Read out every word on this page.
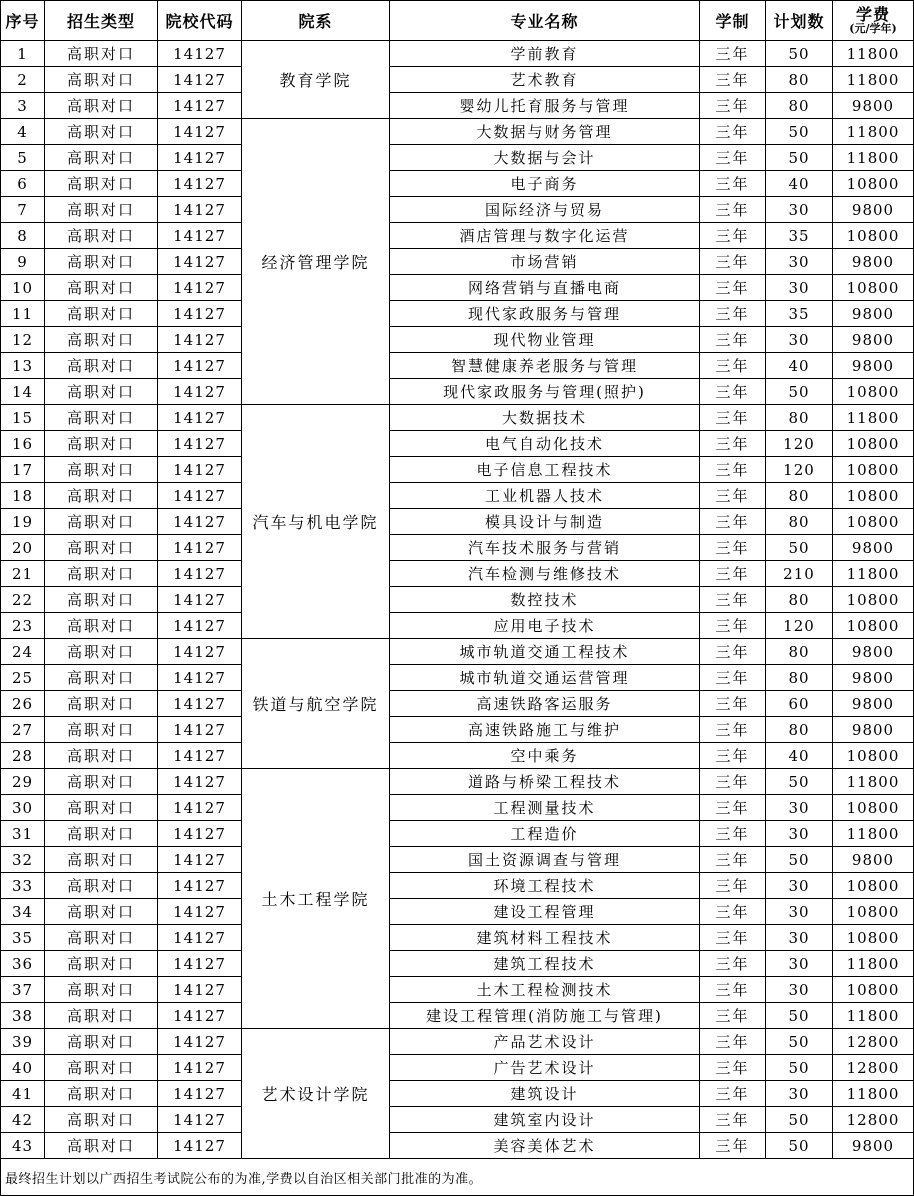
序号	招生类型	院校代码	院系	专业名称	学制	计划数	学费
(元/学年)

1	高职对口	14127	教育学院	学前教育	三年	50	11800
2	高职对口	14127		艺术教育	三年	80	11800
3	高职对口	14127		婴幼儿托育服务与管理	三年	80	9800
4	高职对口	14127	经济管理学院	大数据与财务管理	三年	50	11800
5	高职对口	14127		大数据与会计	三年	50	11800
6	高职对口	14127		电子商务	三年	40	10800
7	高职对口	14127		国际经济与贸易	三年	30	9800
8	高职对口	14127		酒店管理与数字化运营	三年	35	10800
9	高职对口	14127		市场营销	三年	30	9800
10	高职对口	14127		网络营销与直播电商	三年	30	10800
11	高职对口	14127		现代家政服务与管理	三年	35	9800
12	高职对口	14127		现代物业管理	三年	30	9800
13	高职对口	14127		智慧健康养老服务与管理	三年	40	9800
14	高职对口	14127		现代家政服务与管理(照护)	三年	50	10800
15	高职对口	14127	汽车与机电学院	大数据技术	三年	80	11800
16	高职对口	14127		电气自动化技术	三年	120	10800
17	高职对口	14127		电子信息工程技术	三年	120	10800
18	高职对口	14127		工业机器人技术	三年	80	10800
19	高职对口	14127		模具设计与制造	三年	80	10800
20	高职对口	14127		汽车技术服务与营销	三年	50	9800
21	高职对口	14127		汽车检测与维修技术	三年	210	11800
22	高职对口	14127		数控技术	三年	80	10800
23	高职对口	14127		应用电子技术	三年	120	10800
24	高职对口	14127	铁道与航空学院	城市轨道交通工程技术	三年	80	9800
25	高职对口	14127		城市轨道交通运营管理	三年	80	9800
26	高职对口	14127		高速铁路客运服务	三年	60	9800
27	高职对口	14127		高速铁路施工与维护	三年	80	9800
28	高职对口	14127		空中乘务	三年	40	10800
29	高职对口	14127	土木工程学院	道路与桥梁工程技术	三年	50	11800
30	高职对口	14127		工程测量技术	三年	30	10800
31	高职对口	14127		工程造价	三年	30	11800
32	高职对口	14127		国土资源调查与管理	三年	50	9800
33	高职对口	14127		环境工程技术	三年	30	10800
34	高职对口	14127		建设工程管理	三年	30	10800
35	高职对口	14127		建筑材料工程技术	三年	30	10800
36	高职对口	14127		建筑工程技术	三年	30	11800
37	高职对口	14127		土木工程检测技术	三年	30	10800
38	高职对口	14127		建设工程管理(消防施工与管理)	三年	50	11800
39	高职对口	14127	艺术设计学院	产品艺术设计	三年	50	12800
40	高职对口	14127		广告艺术设计	三年	50	12800
41	高职对口	14127		建筑设计	三年	30	11800
42	高职对口	14127		建筑室内设计	三年	50	12800
43	高职对口	14127		美容美体艺术	三年	50	9800
最终招生计划以广西招生考试院公布的为准,学费以自治区相关部门批准的为准。							
